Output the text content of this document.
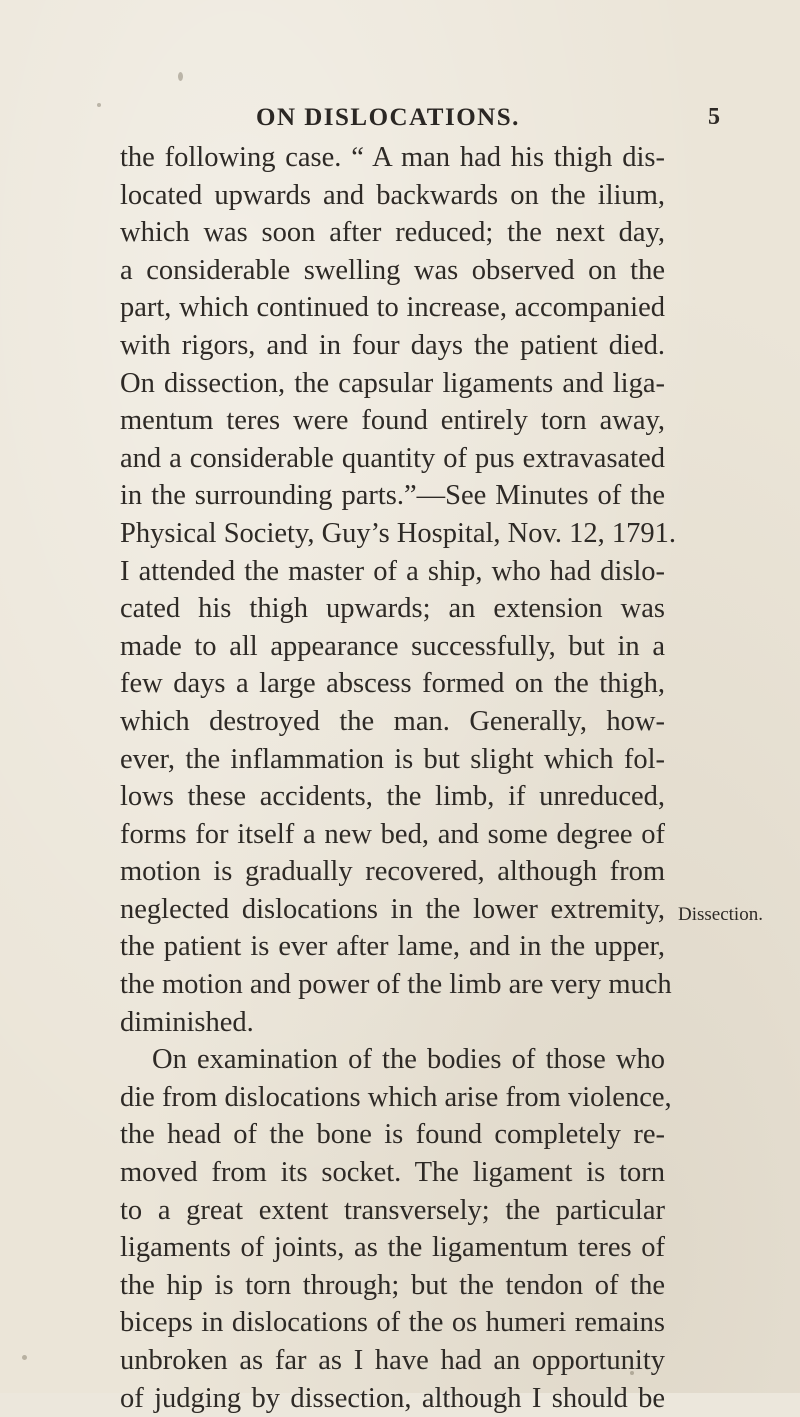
ON DISLOCATIONS.	5
the following case. “ A man had his thigh dis-
located upwards and backwards on the ilium,
which was soon after reduced; the next day,
a considerable swelling was observed on the
part, which continued to increase, accompanied
with rigors, and in four days the patient died.
On dissection, the capsular ligaments and liga-
mentum teres were found entirely torn away,
and a considerable quantity of pus extravasated
in the surrounding parts.”—See Minutes of the
Physical Society, Guy’s Hospital, Nov. 12, 1791.
I attended the master of a ship, who had dislo-
cated his thigh upwards; an extension was
made to all appearance successfully, but in a
few days a large abscess formed on the thigh,
which destroyed the man. Generally, how-
ever, the inflammation is but slight which fol-
lows these accidents, the limb, if unreduced,
forms for itself a new bed, and some degree of
motion is gradually recovered, although from
neglected dislocations in the lower extremity,
the patient is ever after lame, and in the upper,
the motion and power of the limb are very much
diminished.
On examination of the bodies of those who
die from dislocations which arise from violence,
the head of the bone is found completely re-
moved from its socket. The ligament is torn
to a great extent transversely; the particular
ligaments of joints, as the ligamentum teres of
the hip is torn through; but the tendon of the
biceps in dislocations of the os humeri remains
unbroken as far as I have had an opportunity
of judging by dissection, although I should be
Dissection.
